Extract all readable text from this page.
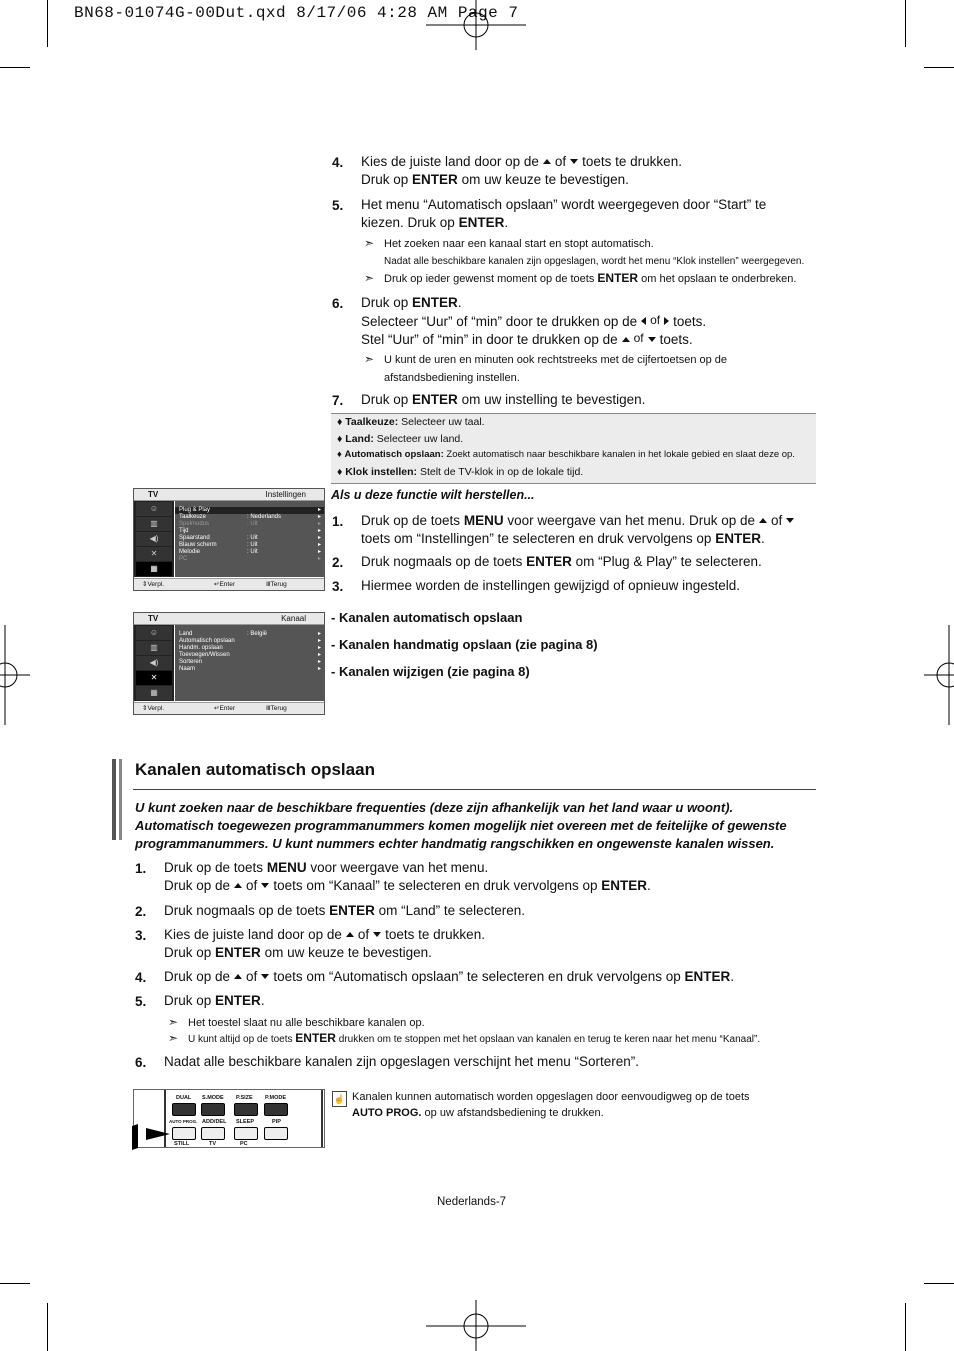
BN68-01074G-00Dut.qxd 8/17/06 4:28 AM Page 7
4. Kies de juiste land door op de of toets te drukken.
Druk op ENTER om uw keuze te bevestigen.
5. Het menu “Automatisch opslaan” wordt weergegeven door “Start” te
kiezen. Druk op ENTER.
➣ Het zoeken naar een kanaal start en stopt automatisch.
Nadat alle beschikbare kanalen zijn opgeslagen, wordt het menu “Klok instellen” weergegeven.
➣ Druk op ieder gewenst moment op de toets ENTER om het opslaan te onderbreken.
6. Druk op ENTER.
Selecteer “Uur” of “min” door te drukken op de of toets.
Stel “Uur” of “min” in door te drukken op de of toets.
➣ U kunt de uren en minuten ook rechtstreeks met de cijfertoetsen op de
afstandsbediening instellen.
7. Druk op ENTER om uw instelling te bevestigen.
♦ Taalkeuze: Selecteer uw taal.
♦ Land: Selecteer uw land.
♦ Automatisch opslaan: Zoekt automatisch naar beschikbare kanalen in het lokale gebied en slaat deze op.
♦ Klok instellen: Stelt de TV-klok in op de lokale tijd.
TV	Instellingen
☺
▥
◀)
✕
▦
Plug & Play	▸
Taalkeuze	: Nederlands	▸
Spelmodus	: Uit	▸
Tijd	▸
Spaarstand	: Uit	▸
Blauw scherm	: Uit	▸
Melodie	: Uit	▸
PC	▸
⇕ Verpl.	↵ Enter	Ⅲ Terug
Als u deze functie wilt herstellen...
1. Druk op de toets MENU voor weergave van het menu. Druk op de of
toets om “Instellingen” te selecteren en druk vervolgens op ENTER.
2. Druk nogmaals op de toets ENTER om “Plug & Play” te selecteren.
3. Hiermee worden de instellingen gewijzigd of opnieuw ingesteld.
TV	Kanaal
☺
▥
◀)
✕
▦
Land	: België	▸
Automatisch opslaan	▸
Handm. opslaan	▸
Toevoegen/Wissen	▸
Sorteren	▸
Naam	▸
⇕ Verpl.	↵ Enter	Ⅲ Terug
- Kanalen automatisch opslaan
- Kanalen handmatig opslaan (zie pagina 8)
- Kanalen wijzigen (zie pagina 8)
Kanalen automatisch opslaan
U kunt zoeken naar de beschikbare frequenties (deze zijn afhankelijk van het land waar u woont).
Automatisch toegewezen programmanummers komen mogelijk niet overeen met de feitelijke of gewenste
programmanummers. U kunt nummers echter handmatig rangschikken en ongewenste kanalen wissen.
1. Druk op de toets MENU voor weergave van het menu.
Druk op de of toets om “Kanaal” te selecteren en druk vervolgens op ENTER.
2. Druk nogmaals op de toets ENTER om “Land” te selecteren.
3. Kies de juiste land door op de of toets te drukken.
Druk op ENTER om uw keuze te bevestigen.
4. Druk op de of toets om “Automatisch opslaan” te selecteren en druk vervolgens op ENTER.
5. Druk op ENTER.
➣ Het toestel slaat nu alle beschikbare kanalen op.
➣ U kunt altijd op de toets ENTER drukken om te stoppen met het opslaan van kanalen en terug te keren naar het menu “Kanaal”.
6. Nadat alle beschikbare kanalen zijn opgeslagen verschijnt het menu “Sorteren”.
DUAL S.MODE P.SIZE P.MODE
AUTO PROG. ADD/DEL SLEEP	PIP
STILL	TV	PC
☝ Kanalen kunnen automatisch worden opgeslagen door eenvoudigweg op de toets
AUTO PROG. op uw afstandsbediening te drukken.
Nederlands-7
